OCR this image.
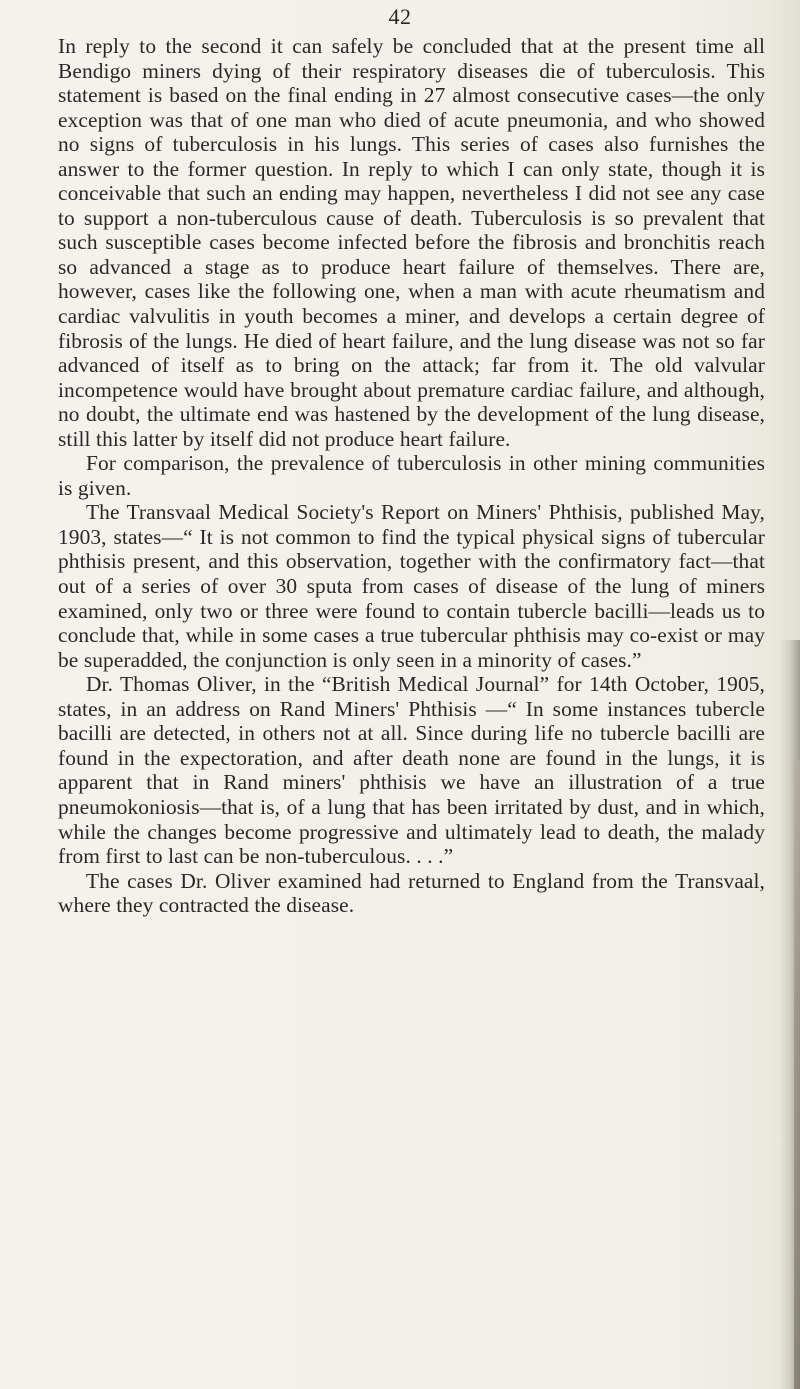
42

In reply to the second it can safely be concluded that at the present time all Bendigo miners dying of their respiratory diseases die of tuberculosis. This statement is based on the final ending in 27 almost consecutive cases—the only exception was that of one man who died of acute pneumonia, and who showed no signs of tuberculosis in his lungs. This series of cases also furnishes the answer to the former question. In reply to which I can only state, though it is conceivable that such an ending may happen, nevertheless I did not see any case to support a non-tuberculous cause of death. Tuberculosis is so prevalent that such susceptible cases become infected before the fibrosis and bronchitis reach so advanced a stage as to produce heart failure of themselves. There are, however, cases like the following one, when a man with acute rheumatism and cardiac valvulitis in youth becomes a miner, and develops a certain degree of fibrosis of the lungs. He died of heart failure, and the lung disease was not so far advanced of itself as to bring on the attack; far from it. The old valvular incompetence would have brought about premature cardiac failure, and although, no doubt, the ultimate end was hastened by the development of the lung disease, still this latter by itself did not produce heart failure.

For comparison, the prevalence of tuberculosis in other mining communities is given.

The Transvaal Medical Society's Report on Miners' Phthisis, published May, 1903, states—“ It is not common to find the typical physical signs of tubercular phthisis present, and this observation, together with the confirmatory fact—that out of a series of over 30 sputa from cases of disease of the lung of miners examined, only two or three were found to contain tubercle bacilli—leads us to conclude that, while in some cases a true tubercular phthisis may co-exist or may be superadded, the conjunction is only seen in a minority of cases.”

Dr. Thomas Oliver, in the “British Medical Journal” for 14th October, 1905, states, in an address on Rand Miners' Phthisis —“ In some instances tubercle bacilli are detected, in others not at all. Since during life no tubercle bacilli are found in the expectoration, and after death none are found in the lungs, it is apparent that in Rand miners' phthisis we have an illustration of a true pneumokoniosis—that is, of a lung that has been irritated by dust, and in which, while the changes become progressive and ultimately lead to death, the malady from first to last can be non-tuberculous. . . .”

The cases Dr. Oliver examined had returned to England from the Transvaal, where they contracted the disease.
